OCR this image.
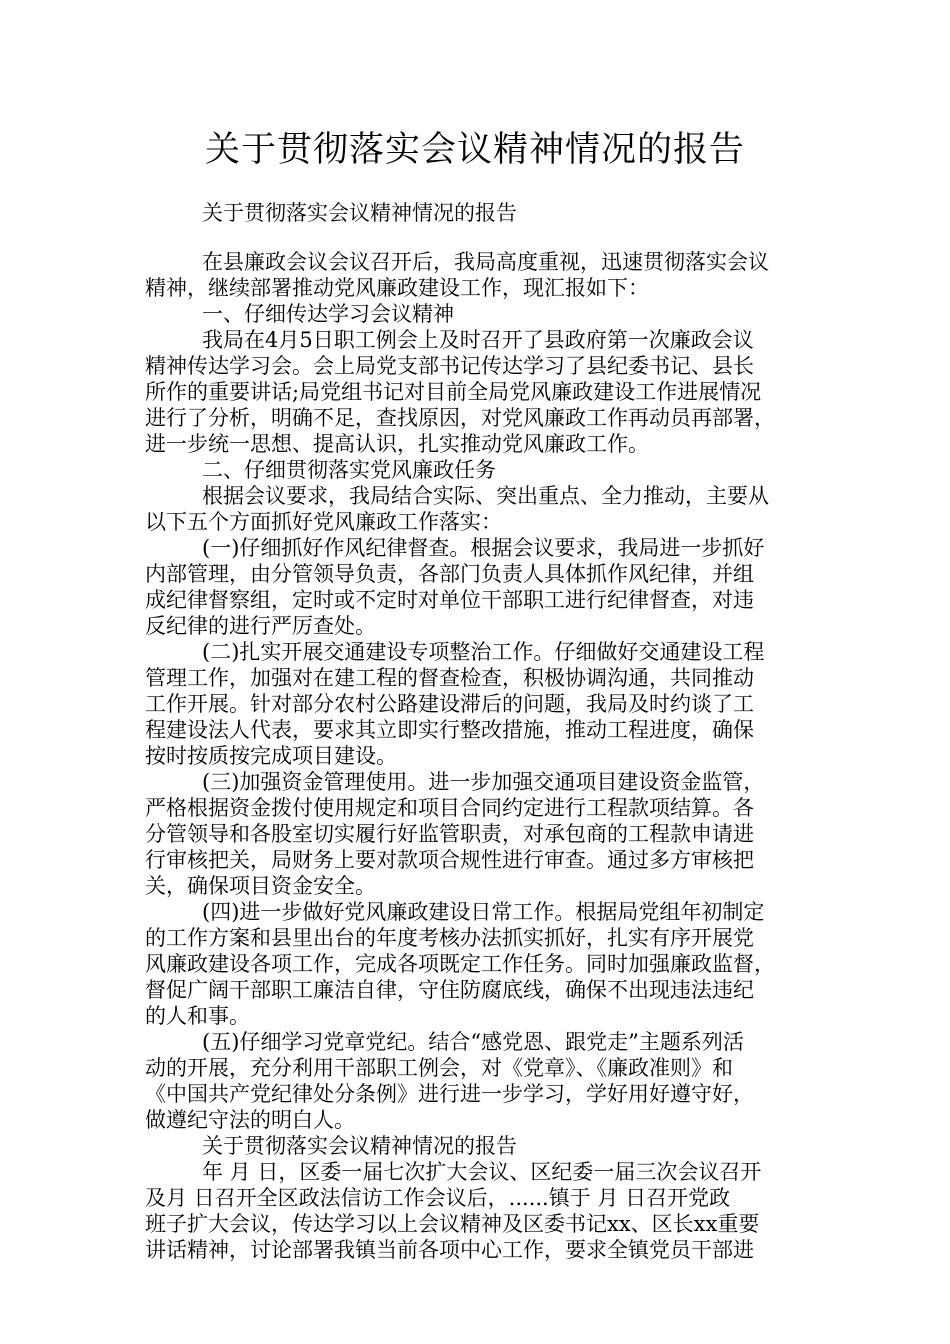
关于贯彻落实会议精神情况的报告
关于贯彻落实会议精神情况的报告
在县廉政会议会议召开后，我局高度重视，迅速贯彻落实会议
精神，继续部署推动党风廉政建设工作，现汇报如下：
一、仔细传达学习会议精神
我局在4月5日职工例会上及时召开了县政府第一次廉政会议
精神传达学习会。会上局党支部书记传达学习了县纪委书记、县长
所作的重要讲话;局党组书记对目前全局党风廉政建设工作进展情况
进行了分析，明确不足，查找原因，对党风廉政工作再动员再部署，
进一步统一思想、提高认识，扎实推动党风廉政工作。
二、仔细贯彻落实党风廉政任务
根据会议要求，我局结合实际、突出重点、全力推动，主要从
以下五个方面抓好党风廉政工作落实：
(一)仔细抓好作风纪律督查。根据会议要求，我局进一步抓好
内部管理，由分管领导负责，各部门负责人具体抓作风纪律，并组
成纪律督察组，定时或不定时对单位干部职工进行纪律督查，对违
反纪律的进行严厉查处。
(二)扎实开展交通建设专项整治工作。仔细做好交通建设工程
管理工作，加强对在建工程的督查检查，积极协调沟通，共同推动
工作开展。针对部分农村公路建设滞后的问题，我局及时约谈了工
程建设法人代表，要求其立即实行整改措施，推动工程进度，确保
按时按质按完成项目建设。
(三)加强资金管理使用。进一步加强交通项目建设资金监管，
严格根据资金拨付使用规定和项目合同约定进行工程款项结算。各
分管领导和各股室切实履行好监管职责，对承包商的工程款申请进
行审核把关，局财务上要对款项合规性进行审查。通过多方审核把
关，确保项目资金安全。
(四)进一步做好党风廉政建设日常工作。根据局党组年初制定
的工作方案和县里出台的年度考核办法抓实抓好，扎实有序开展党
风廉政建设各项工作，完成各项既定工作任务。同时加强廉政监督，
督促广阔干部职工廉洁自律，守住防腐底线，确保不出现违法违纪
的人和事。
(五)仔细学习党章党纪。结合“感党恩、跟党走”主题系列活
动的开展，充分利用干部职工例会，对《党章》、《廉政准则》和
《中国共产党纪律处分条例》进行进一步学习，学好用好遵守好，
做遵纪守法的明白人。
关于贯彻落实会议精神情况的报告
年 月 日，区委一届七次扩大会议、区纪委一届三次会议召开
及月 日召开全区政法信访工作会议后，......镇于 月 日召开党政
班子扩大会议，传达学习以上会议精神及区委书记xx、区长xx重要
讲话精神，讨论部署我镇当前各项中心工作，要求全镇党员干部进
